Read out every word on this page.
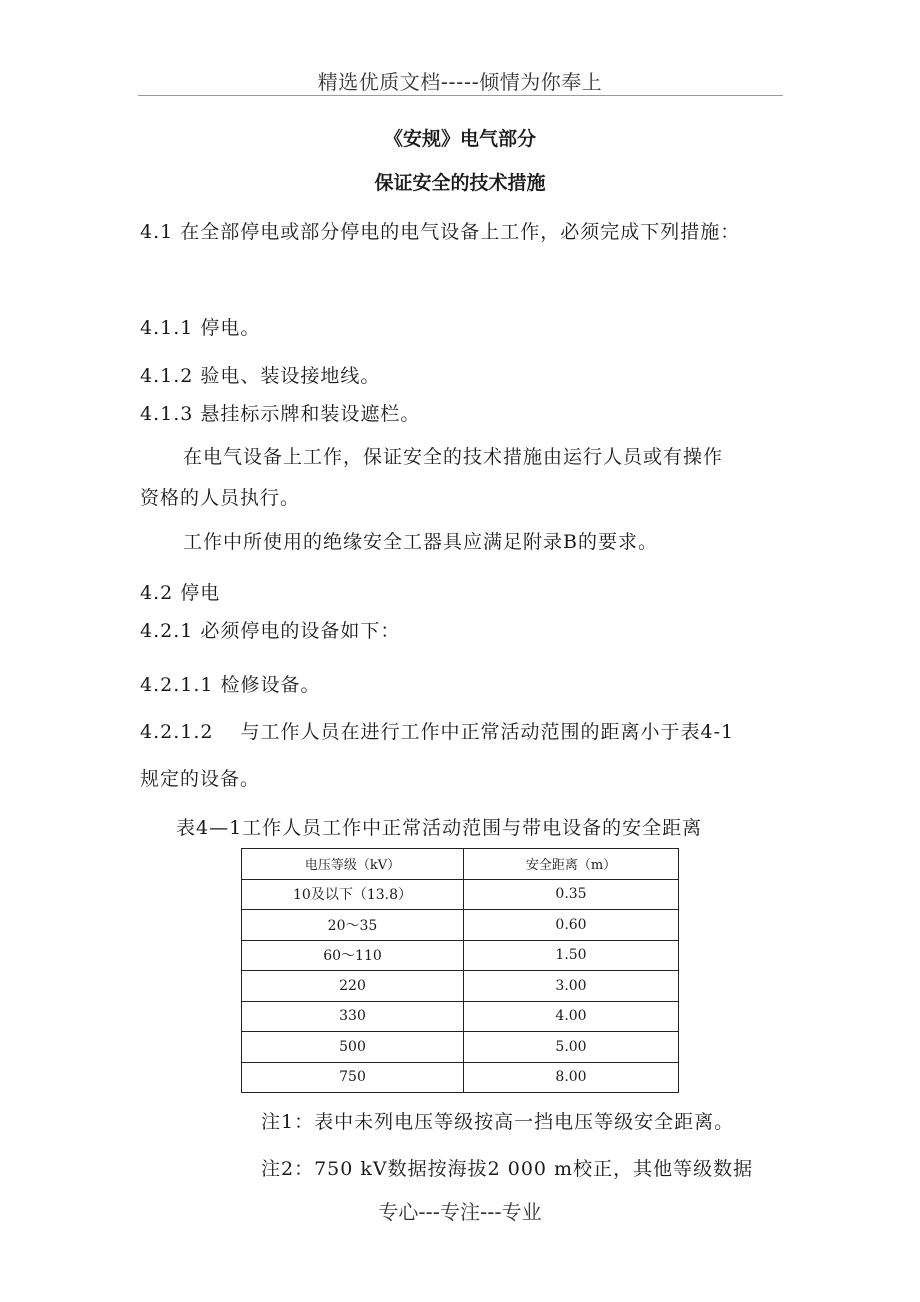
精选优质文档-----倾情为你奉上
《安规》电气部分
保证安全的技术措施
4.1 在全部停电或部分停电的电气设备上工作，必须完成下列措施：
4.1.1 停电。
4.1.2 验电、装设接地线。
4.1.3 悬挂标示牌和装设遮栏。
在电气设备上工作，保证安全的技术措施由运行人员或有操作
资格的人员执行。
工作中所使用的绝缘安全工器具应满足附录B的要求。
4.2 停电
4.2.1 必须停电的设备如下：
4.2.1.1 检修设备。
4.2.1.2　 与工作人员在进行工作中正常活动范围的距离小于表4-1
规定的设备。
表4—1工作人员工作中正常活动范围与带电设备的安全距离
电压等级（kV）	安全距离（m）
10及以下（13.8）	0.35
20～35	0.60
60～110	1.50
220	3.00
330	4.00
500	5.00
750	8.00
注1：表中未列电压等级按高一挡电压等级安全距离。
注2：750 kV数据按海拔2 000 m校正，其他等级数据
专心---专注---专业
